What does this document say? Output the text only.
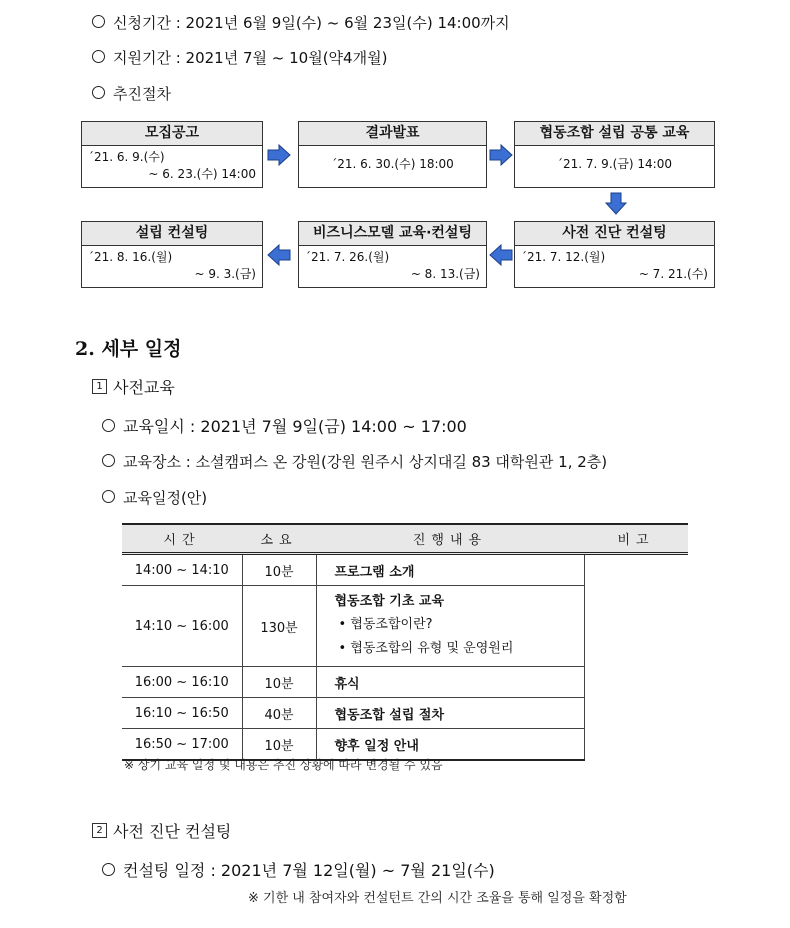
신청기간 : 2021년 6월 9일(수) ~ 6월 23일(수) 14:00까지
지원기간 : 2021년 7월 ~ 10월(약4개월)
추진절차
모집공고
´21. 6. 9.(수)
~ 6. 23.(수) 14:00
결과발표
´21. 6. 30.(수) 18:00
협동조합 설립 공통 교육
´21. 7. 9.(금) 14:00
설립 컨설팅
´21. 8. 16.(월)
~ 9. 3.(금)
비즈니스모델 교육·컨설팅
´21. 7. 26.(월)
~ 8. 13.(금)
사전 진단 컨설팅
´21. 7. 12.(월)
~ 7. 21.(수)
2. 세부 일정
1 사전교육
교육일시 : 2021년 7월 9일(금) 14:00 ~ 17:00
교육장소 : 소셜캠퍼스 온 강원(강원 원주시 상지대길 83 대학원관 1, 2층)
교육일정(안)
시간	소요	진행내용	비고
14:00 ~ 14:10	10분	프로그램 소개	
14:10 ~ 16:00	130분	협동조합 기초 교육
• 협동조합이란?
• 협동조합의 유형 및 운영원리	

16:00 ~ 16:10	10분	휴식	
16:10 ~ 16:50	40분	협동조합 설립 절차	
16:50 ~ 17:00	10분	향후 일정 안내	
※ 상기 교육 일정 및 내용은 추진 상황에 따라 변경될 수 있음
2 사전 진단 컨설팅
컨설팅 일정 : 2021년 7월 12일(월) ~ 7월 21일(수)
※ 기한 내 참여자와 컨설턴트 간의 시간 조율을 통해 일정을 확정함
